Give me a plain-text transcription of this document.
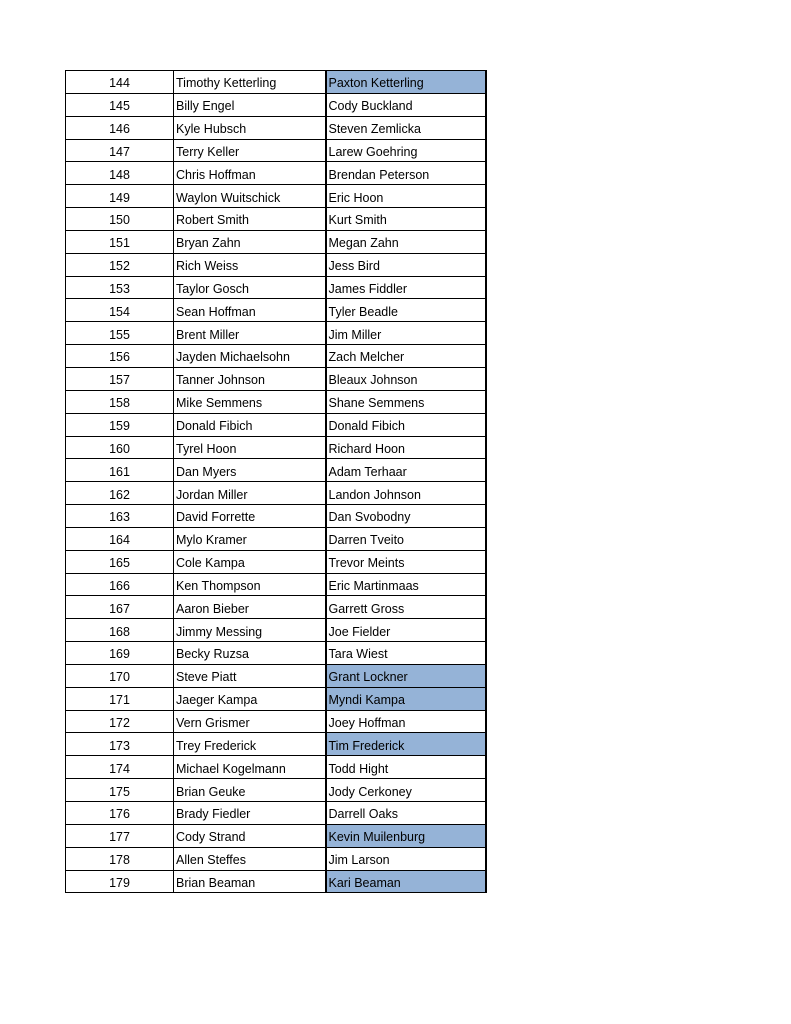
144	Timothy Ketterling	Paxton Ketterling
145	Billy Engel	Cody Buckland
146	Kyle Hubsch	Steven Zemlicka
147	Terry Keller	Larew Goehring
148	Chris Hoffman	Brendan Peterson
149	Waylon Wuitschick	Eric Hoon
150	Robert Smith	Kurt Smith
151	Bryan Zahn	Megan Zahn
152	Rich Weiss	Jess Bird
153	Taylor Gosch	James Fiddler
154	Sean Hoffman	Tyler Beadle
155	Brent Miller	Jim Miller
156	Jayden Michaelsohn	Zach Melcher
157	Tanner Johnson	Bleaux Johnson
158	Mike Semmens	Shane Semmens
159	Donald Fibich	Donald Fibich
160	Tyrel Hoon	Richard Hoon
161	Dan Myers	Adam Terhaar
162	Jordan Miller	Landon Johnson
163	David Forrette	Dan Svobodny
164	Mylo Kramer	Darren Tveito
165	Cole Kampa	Trevor Meints
166	Ken Thompson	Eric Martinmaas
167	Aaron Bieber	Garrett Gross
168	Jimmy Messing	Joe Fielder
169	Becky Ruzsa	Tara Wiest
170	Steve Piatt	Grant Lockner
171	Jaeger Kampa	Myndi Kampa
172	Vern Grismer	Joey Hoffman
173	Trey Frederick	Tim Frederick
174	Michael Kogelmann	Todd Hight
175	Brian Geuke	Jody Cerkoney
176	Brady Fiedler	Darrell Oaks
177	Cody Strand	Kevin Muilenburg
178	Allen Steffes	Jim Larson
179	Brian Beaman	Kari Beaman
